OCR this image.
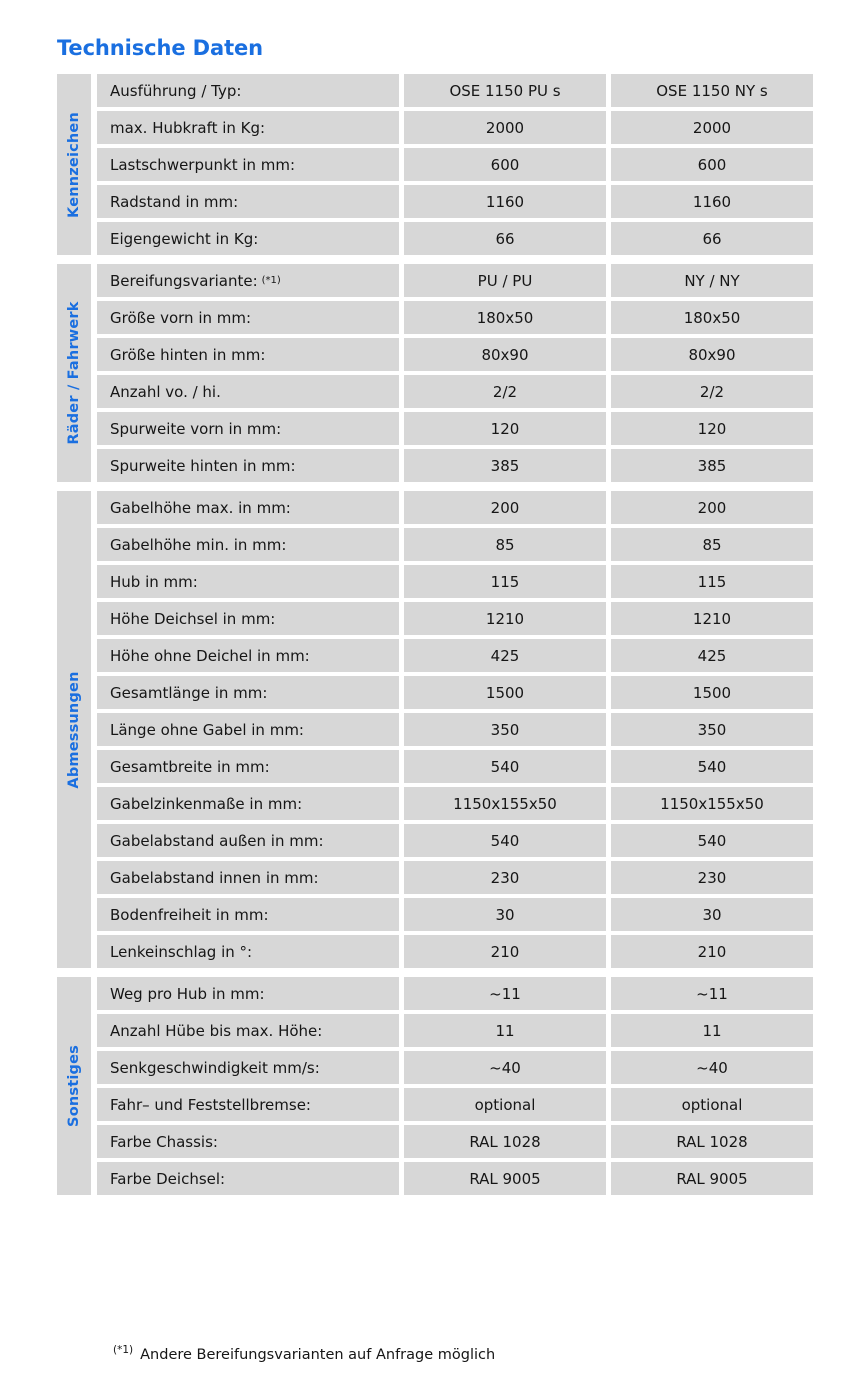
Technische Daten
Kennzeichen
Ausführung / Typ:	OSE 1150 PU s	OSE 1150 NY s
max. Hubkraft in Kg:	2000	2000
Lastschwerpunkt in mm:	600	600
Radstand in mm:	1160	1160
Eigengewicht in Kg:	66	66
Räder / Fahrwerk
Bereifungsvariante: (*1)	PU / PU	NY / NY
Größe vorn in mm:	180x50	180x50
Größe hinten in mm:	80x90	80x90
Anzahl vo. / hi.	2/2	2/2
Spurweite vorn in mm:	120	120
Spurweite hinten in mm:	385	385
Abmessungen
Gabelhöhe max. in mm:	200	200
Gabelhöhe min. in mm:	85	85
Hub in mm:	115	115
Höhe Deichsel in mm:	1210	1210
Höhe ohne Deichel in mm:	425	425
Gesamtlänge in mm:	1500	1500
Länge ohne Gabel in mm:	350	350
Gesamtbreite in mm:	540	540
Gabelzinkenmaße in mm:	1150x155x50	1150x155x50
Gabelabstand außen in mm:	540	540
Gabelabstand innen in mm:	230	230
Bodenfreiheit in mm:	30	30
Lenkeinschlag in °:	210	210
Sonstiges
Weg pro Hub in mm:	~11	~11
Anzahl Hübe bis max. Höhe:	11	11
Senkgeschwindigkeit mm/s:	~40	~40
Fahr– und Feststellbremse:	optional	optional
Farbe Chassis:	RAL 1028	RAL 1028
Farbe Deichsel:	RAL 9005	RAL 9005
$^{(*1)}$ Andere Bereifungsvarianten auf Anfrage möglich
